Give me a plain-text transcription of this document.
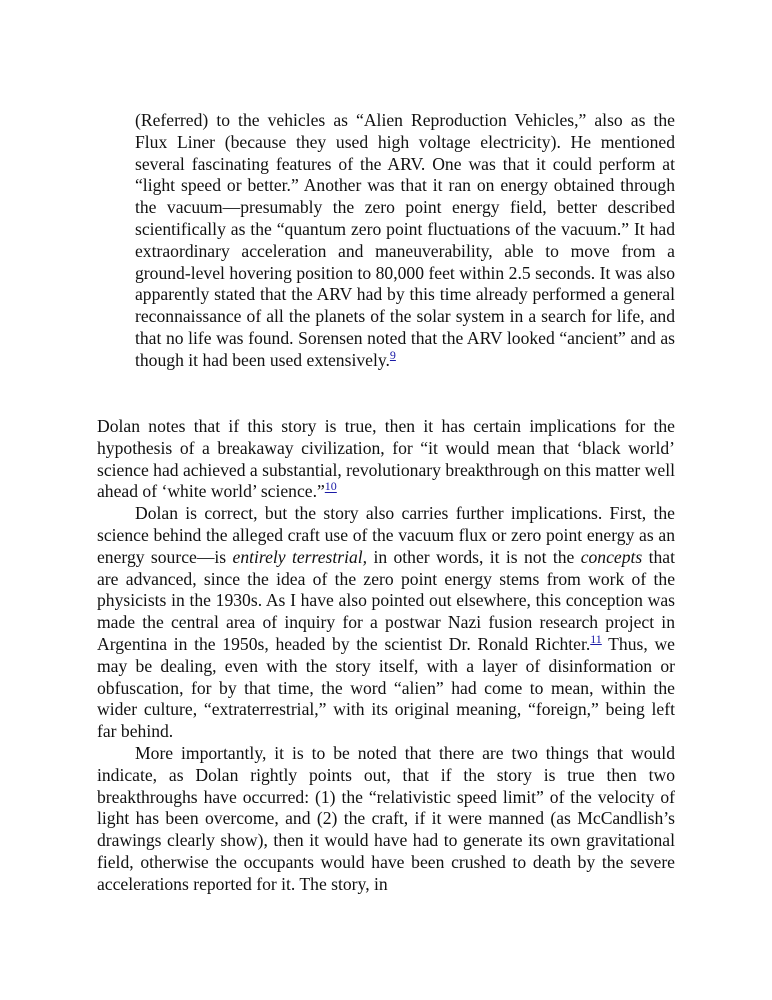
(Referred) to the vehicles as “Alien Reproduction Vehicles,” also as the Flux Liner (because they used high voltage electricity). He mentioned several fascinating features of the ARV. One was that it could perform at “light speed or better.” Another was that it ran on energy obtained through the vacuum—presumably the zero point energy field, better described scientifically as the “quantum zero point fluctuations of the vacuum.” It had extraordinary acceleration and maneuverability, able to move from a ground-level hovering position to 80,000 feet within 2.5 seconds. It was also apparently stated that the ARV had by this time already performed a general reconnaissance of all the planets of the solar system in a search for life, and that no life was found. Sorensen noted that the ARV looked “ancient” and as though it had been used extensively.$^9$

Dolan notes that if this story is true, then it has certain implications for the hypothesis of a breakaway civilization, for “it would mean that ‘black world’ science had achieved a substantial, revolutionary breakthrough on this matter well ahead of ‘white world’ science.”$^{10}$

Dolan is correct, but the story also carries further implications. First, the science behind the alleged craft use of the vacuum flux or zero point energy as an energy source—is entirely terrestrial, in other words, it is not the concepts that are advanced, since the idea of the zero point energy stems from work of the physicists in the 1930s. As I have also pointed out elsewhere, this conception was made the central area of inquiry for a postwar Nazi fusion research project in Argentina in the 1950s, headed by the scientist Dr. Ronald Richter.$^{11}$ Thus, we may be dealing, even with the story itself, with a layer of disinformation or obfuscation, for by that time, the word “alien” had come to mean, within the wider culture, “extraterrestrial,” with its original meaning, “foreign,” being left far behind.

More importantly, it is to be noted that there are two things that would indicate, as Dolan rightly points out, that if the story is true then two breakthroughs have occurred: (1) the “relativistic speed limit” of the velocity of light has been overcome, and (2) the craft, if it were manned (as McCandlish’s drawings clearly show), then it would have had to generate its own gravitational field, otherwise the occupants would have been crushed to death by the severe accelerations reported for it. The story, in
